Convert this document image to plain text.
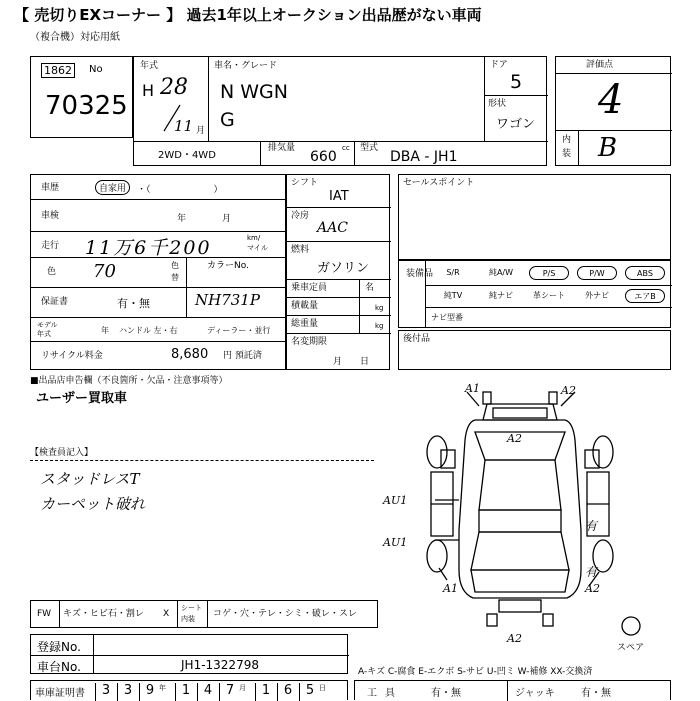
【 売切りEXコーナー 】 過去1年以上オークション出品歴がない車両
（複合機）対応用紙
1862	No
70325
年式
H 28
11 月
車名・グレード
N WGN
G
ドア
5
形状
ワゴン
2WD・4WD
排気量
660
cc 型式
DBA - JH1
評価点
4
内
装 B
車歴	自家用	・（　　　　　　　）
車検	年　　　　月
走行 11万6千200	km/
マイル
色 70	色
替
カラーNo.
保証書	有・無	NH731P
モデル
年式	年 ハンドル 左・右	ディーラー・並行
リサイクル料金	8,680 円 預託済
シフト
IAT
冷房
AAC
燃料
ガソリン
乗車定員	名
積載量	kg
総重量	kg
名変期限
月　　日
セールスポイント
装備品	S/R	純A/W	P/S	P/W	ABS
純TV	純ナビ	革シート	外ナビ	エアB
ナビ型番
後付品
■出品店申告欄（不良箇所・欠品・注意事項等）
ユーザー買取車
【検査員記入】
スタッドレスT
カーペット破れ
A1	A2
A2
AU1
AU1
A1	A2
A2
有
有
スペア
FW キズ・ヒビ石・割レ X
シート
内装 コゲ・穴・テレ・シミ・破レ・スレ
登録No.
車台No.	JH1-1322798
車庫証明書	3	3	9 年	1	4	7 月	1	6	5 日
A-キズ C-腐食 E-エクボ S-サビ U-凹ミ W-補修 XX-交換済
工具	有・無	ジャッキ	有・無
